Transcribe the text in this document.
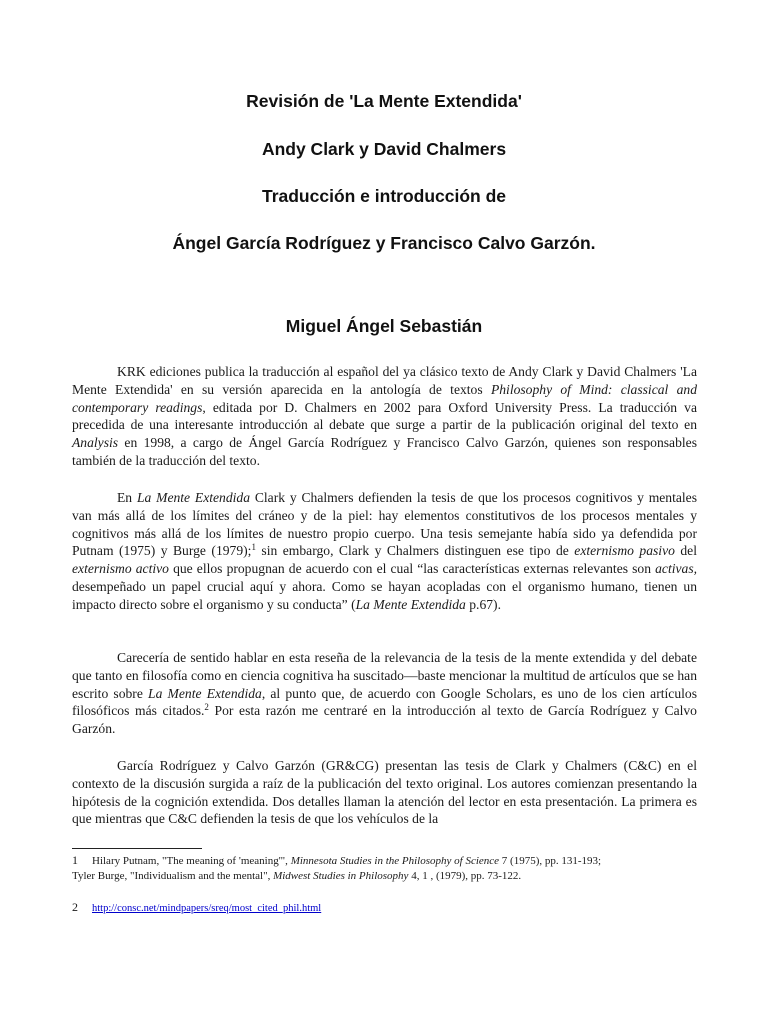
Revisión de 'La Mente Extendida'
Andy Clark y David Chalmers
Traducción e introducción de
Ángel García Rodríguez y Francisco Calvo Garzón.
Miguel Ángel Sebastián

KRK ediciones publica la traducción al español del ya clásico texto de Andy Clark y David Chalmers 'La Mente Extendida' en su versión aparecida en la antología de textos Philosophy of Mind: classical and contemporary readings, editada por D. Chalmers en 2002 para Oxford University Press. La traducción va precedida de una interesante introducción al debate que surge a partir de la publicación original del texto en Analysis en 1998, a cargo de Ángel García Rodríguez y Francisco Calvo Garzón, quienes son responsables también de la traducción del texto.

En La Mente Extendida Clark y Chalmers defienden la tesis de que los procesos cognitivos y mentales van más allá de los límites del cráneo y de la piel: hay elementos constitutivos de los procesos mentales y cognitivos más allá de los límites de nuestro propio cuerpo. Una tesis semejante había sido ya defendida por Putnam (1975) y Burge (1979);$^1$ sin embargo, Clark y Chalmers distinguen ese tipo de externismo pasivo del externismo activo que ellos propugnan de acuerdo con el cual “las características externas relevantes son activas, desempeñado un papel crucial aquí y ahora. Como se hayan acopladas con el organismo humano, tienen un impacto directo sobre el organismo y su conducta” (La Mente Extendida p.67).

Carecería de sentido hablar en esta reseña de la relevancia de la tesis de la mente extendida y del debate que tanto en filosofía como en ciencia cognitiva ha suscitado—baste mencionar la multitud de artículos que se han escrito sobre La Mente Extendida, al punto que, de acuerdo con Google Scholars, es uno de los cien artículos filosóficos más citados.$^2$ Por esta razón me centraré en la introducción al texto de García Rodríguez y Calvo Garzón.

García Rodríguez y Calvo Garzón (GR&CG) presentan las tesis de Clark y Chalmers (C&C) en el contexto de la discusión surgida a raíz de la publicación del texto original. Los autores comienzan presentando la hipótesis de la cognición extendida. Dos detalles llaman la atención del lector en esta presentación. La primera es que mientras que C&C defienden la tesis de que los vehículos de la

1 Hilary Putnam, "The meaning of 'meaning'", Minnesota Studies in the Philosophy of Science 7 (1975), pp. 131-193;
Tyler Burge, "Individualism and the mental", Midwest Studies in Philosophy 4, 1 , (1979), pp. 73-122.
2 http://consc.net/mindpapers/sreq/most_cited_phil.html
